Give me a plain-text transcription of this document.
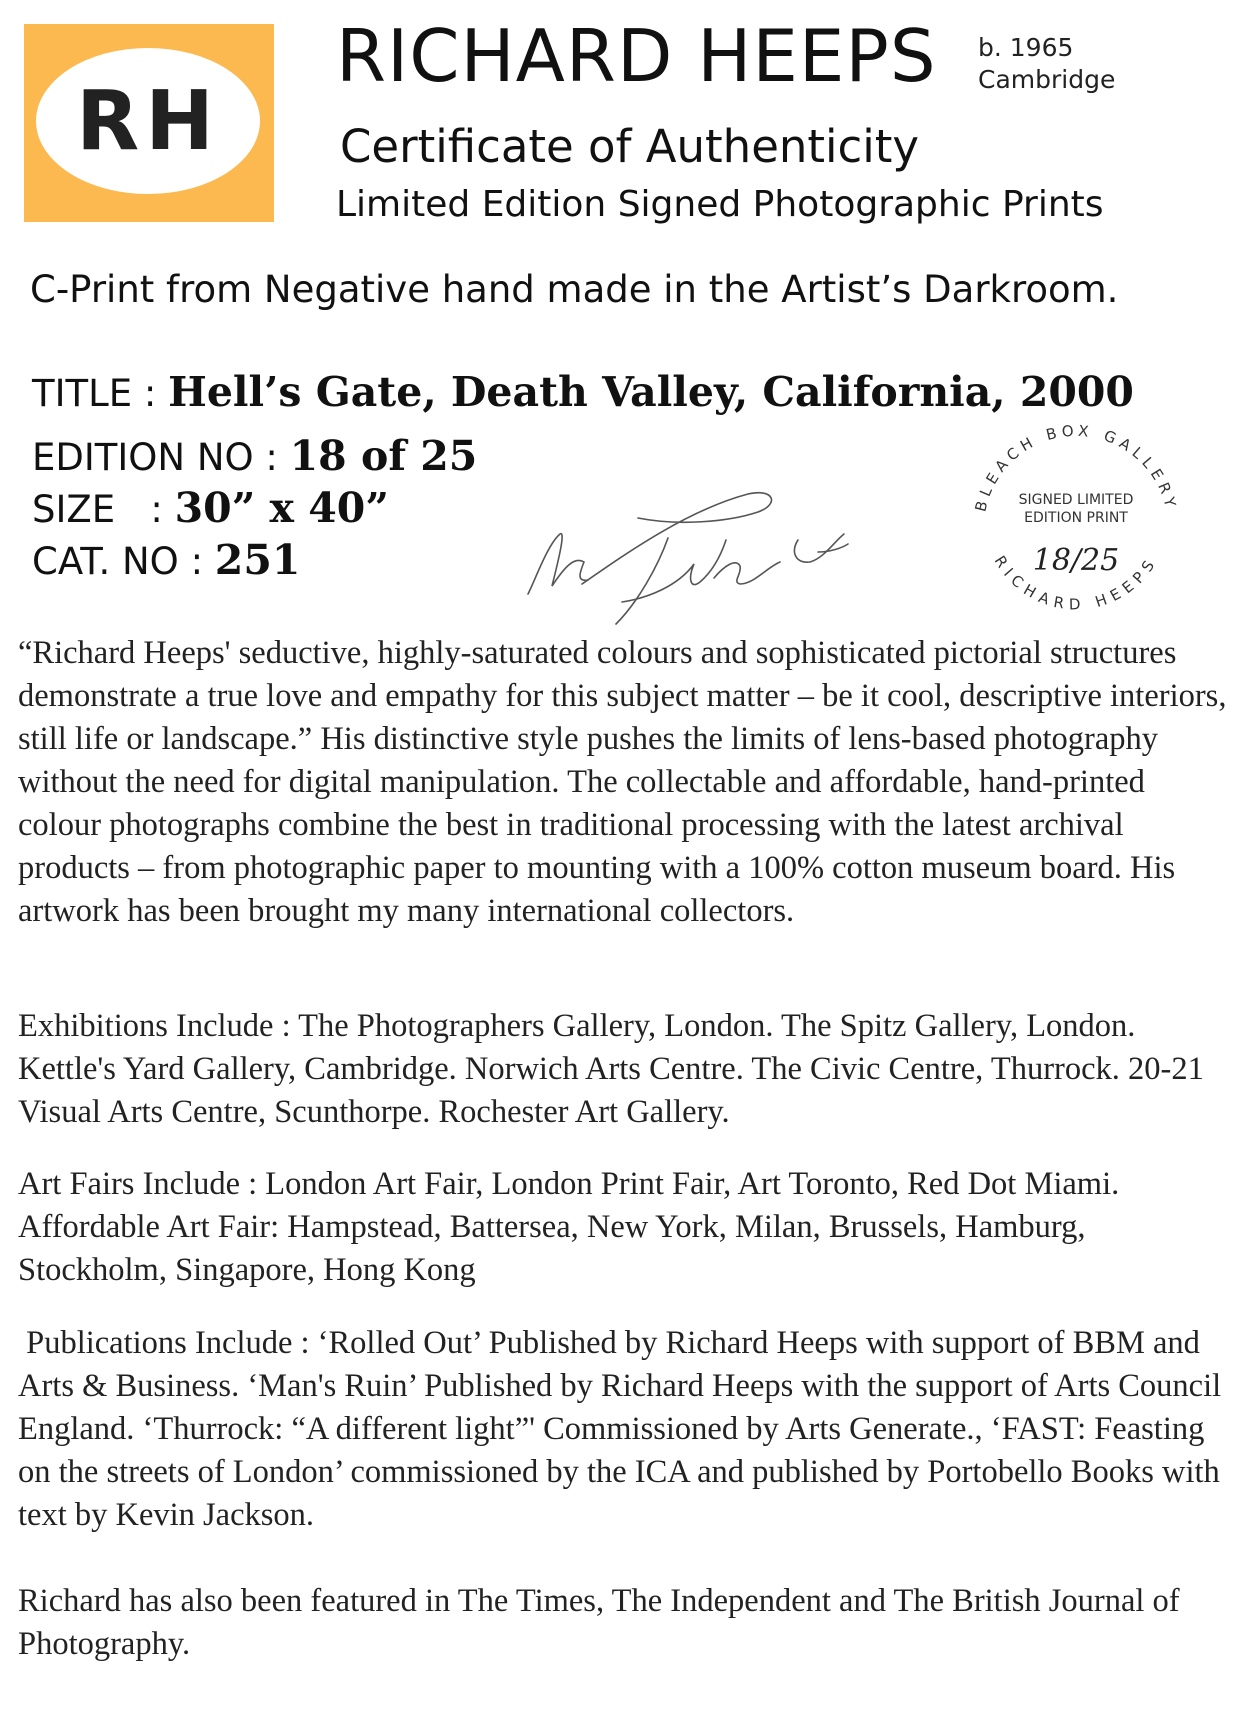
RH
RICHARD HEEPS b. 1965
Cambridge
Certificate of Authenticity
Limited Edition Signed Photographic Prints
C-Print from Negative hand made in the Artist’s Darkroom.
TITLE : Hell’s Gate, Death Valley, California, 2000
EDITION NO : 18 of 25
SIZE   : 30” x 40”
CAT. NO : 251
BLEACH BOX GALLERY
RICHARD HEEPS
SIGNED LIMITED
EDITION PRINT
18/25

“Richard Heeps' seductive, highly-saturated colours and sophisticated pictorial structures demonstrate a true love and empathy for this subject matter – be it cool, descriptive interiors, still life or landscape.” His distinctive style pushes the limits of lens-based photography without the need for digital manipulation. The collectable and affordable, hand-printed colour photographs combine the best in traditional processing with the latest archival products – from photographic paper to mounting with a 100% cotton museum board. His artwork has been brought my many international collectors.

Exhibitions Include : The Photographers Gallery, London. The Spitz Gallery, London. Kettle's Yard Gallery, Cambridge. Norwich Arts Centre. The Civic Centre, Thurrock. 20-21 Visual Arts Centre, Scunthorpe. Rochester Art Gallery.

Art Fairs Include : London Art Fair, London Print Fair, Art Toronto, Red Dot Miami. Affordable Art Fair: Hampstead, Battersea, New York, Milan, Brussels, Hamburg, Stockholm, Singapore, Hong Kong

Publications Include : ‘Rolled Out’ Published by Richard Heeps with support of BBM and Arts & Business. ‘Man's Ruin’ Published by Richard Heeps with the support of Arts Council England. ‘Thurrock: “A different light”' Commissioned by Arts Generate., ‘FAST: Feasting on the streets of London’ commissioned by the ICA and published by Portobello Books with text by Kevin Jackson.

Richard has also been featured in The Times, The Independent and The British Journal of Photography.
